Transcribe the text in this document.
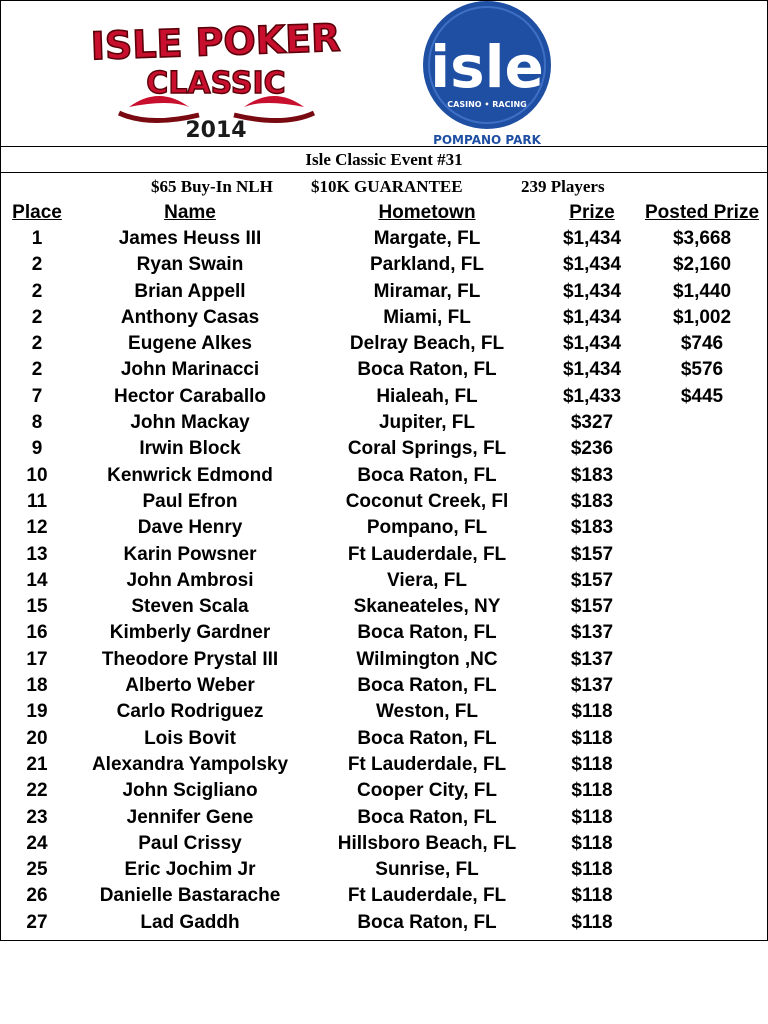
ISLE POKER
CLASSIC
2014
isle
CASINO • RACING
POMPANO PARK
Isle Classic Event #31
$65 Buy-In NLH $10K GUARANTEE	239 Players
Place	Name	Hometown	Prize	Posted Prize
1	James Heuss III	Margate, FL	$1,434	$3,668
2	Ryan Swain	Parkland, FL	$1,434	$2,160
2	Brian Appell	Miramar, FL	$1,434	$1,440
2	Anthony Casas	Miami, FL	$1,434	$1,002
2	Eugene Alkes	Delray Beach, FL	$1,434	$746
2	John Marinacci	Boca Raton, FL	$1,434	$576
7	Hector Caraballo	Hialeah, FL	$1,433	$445
8	John Mackay	Jupiter, FL	$327
9	Irwin Block	Coral Springs, FL	$236
10	Kenwrick Edmond	Boca Raton, FL	$183
11	Paul Efron	Coconut Creek, Fl	$183
12	Dave Henry	Pompano, FL	$183
13	Karin Powsner	Ft Lauderdale, FL	$157
14	John Ambrosi	Viera, FL	$157
15	Steven Scala	Skaneateles, NY	$157
16	Kimberly Gardner	Boca Raton, FL	$137
17	Theodore Prystal III	Wilmington ,NC	$137
18	Alberto Weber	Boca Raton, FL	$137
19	Carlo Rodriguez	Weston, FL	$118
20	Lois Bovit	Boca Raton, FL	$118
21	Alexandra Yampolsky	Ft Lauderdale, FL	$118
22	John Scigliano	Cooper City, FL	$118
23	Jennifer Gene	Boca Raton, FL	$118
24	Paul Crissy	Hillsboro Beach, FL	$118
25	Eric Jochim Jr	Sunrise, FL	$118
26	Danielle Bastarache	Ft Lauderdale, FL	$118
27	Lad Gaddh	Boca Raton, FL	$118
